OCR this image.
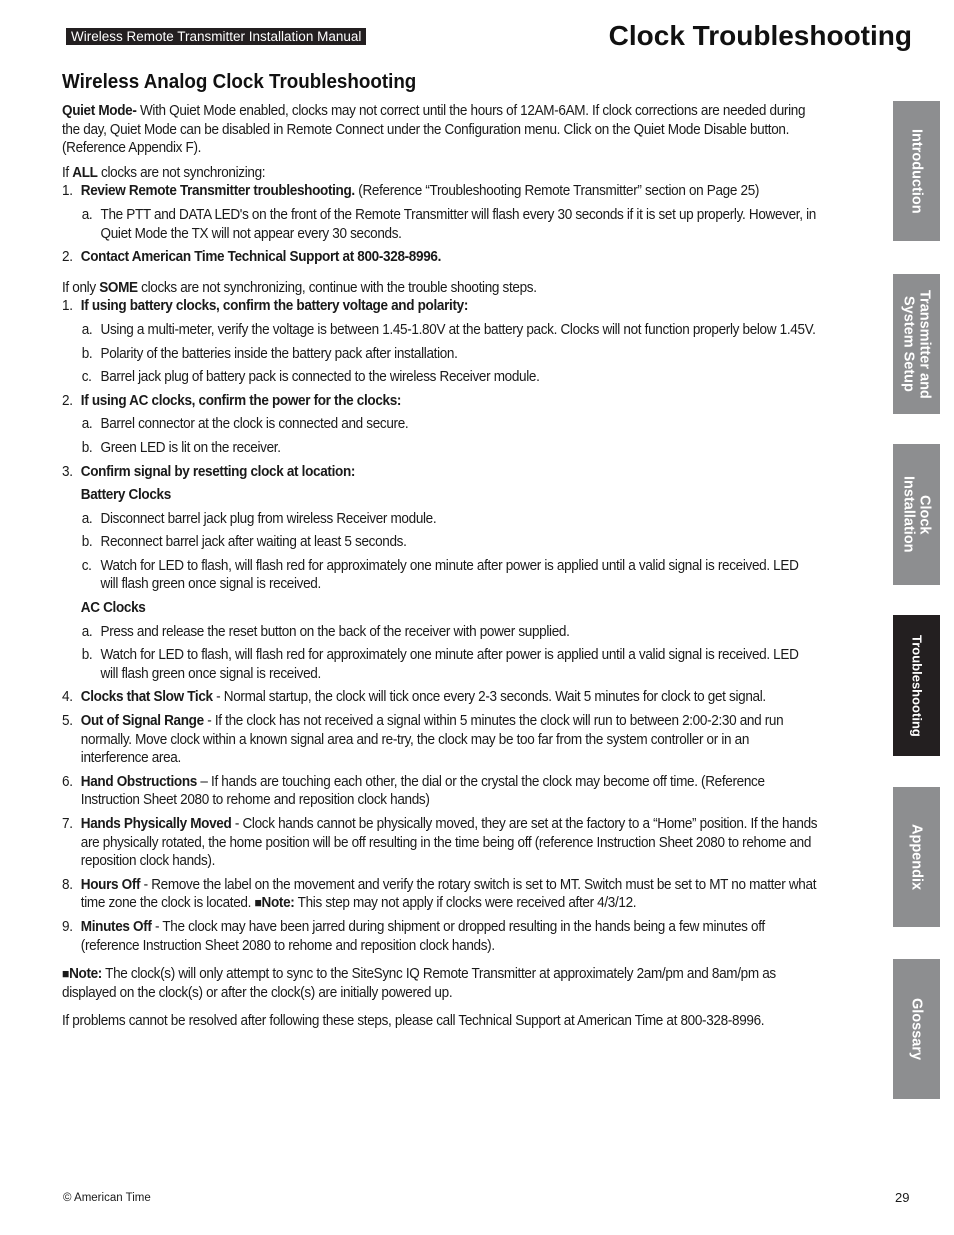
Wireless Remote Transmitter Installation Manual	Clock Troubleshooting
Wireless Analog Clock Troubleshooting

Quiet Mode- With Quiet Mode enabled, clocks may not correct until the hours of 12AM-6AM. If clock corrections are needed during the day, Quiet Mode can be disabled in Remote Connect under the Configuration menu. Click on the Quiet Mode Disable button. (Reference Appendix F).

If ALL clocks are not synchronizing:

1. Review Remote Transmitter troubleshooting. (Reference “Troubleshooting Remote Transmitter” section on Page 25)
a. The PTT and DATA LED's on the front of the Remote Transmitter will flash every 30 seconds if it is set up properly. However, in Quiet Mode the TX will not appear every 30 seconds.
2. Contact American Time Technical Support at 800-328-8996.

If only SOME clocks are not synchronizing, continue with the trouble shooting steps.

1. If using battery clocks, confirm the battery voltage and polarity:
a. Using a multi-meter, verify the voltage is between 1.45-1.80V at the battery pack. Clocks will not function properly below 1.45V.
b. Polarity of the batteries inside the battery pack after installation.
c. Barrel jack plug of battery pack is connected to the wireless Receiver module.
2. If using AC clocks, confirm the power for the clocks:
a. Barrel connector at the clock is connected and secure.
b. Green LED is lit on the receiver.
3. Confirm signal by resetting clock at location:
Battery Clocks
a. Disconnect barrel jack plug from wireless Receiver module.
b. Reconnect barrel jack after waiting at least 5 seconds.
c. Watch for LED to flash, will flash red for approximately one minute after power is applied until a valid signal is received. LED will flash green once signal is received.
AC Clocks
a. Press and release the reset button on the back of the receiver with power supplied.
b. Watch for LED to flash, will flash red for approximately one minute after power is applied until a valid signal is received. LED will flash green once signal is received.
4. Clocks that Slow Tick - Normal startup, the clock will tick once every 2-3 seconds. Wait 5 minutes for clock to get signal.
5. Out of Signal Range - If the clock has not received a signal within 5 minutes the clock will run to between 2:00-2:30 and run normally. Move clock within a known signal area and re-try, the clock may be too far from the system controller or in an interference area.
6. Hand Obstructions – If hands are touching each other, the dial or the crystal the clock may become off time. (Reference Instruction Sheet 2080 to rehome and reposition clock hands)
7. Hands Physically Moved - Clock hands cannot be physically moved, they are set at the factory to a “Home” position. If the hands are physically rotated, the home position will be off resulting in the time being off (reference Instruction Sheet 2080 to rehome and reposition clock hands).
8. Hours Off - Remove the label on the movement and verify the rotary switch is set to MT. Switch must be set to MT no matter what time zone the clock is located. ■Note: This step may not apply if clocks were received after 4/3/12.
9. Minutes Off - The clock may have been jarred during shipment or dropped resulting in the hands being a few minutes off (reference Instruction Sheet 2080 to rehome and reposition clock hands).

■Note: The clock(s) will only attempt to sync to the SiteSync IQ Remote Transmitter at approximately 2am/pm and 8am/pm as displayed on the clock(s) or after the clock(s) are initially powered up.

If problems cannot be resolved after following these steps, please call Technical Support at American Time at 800-328-8996.

Introduction
Transmitter and
System Setup
Clock
Installation
Troubleshooting
Appendix
Glossary
© American Time	29
